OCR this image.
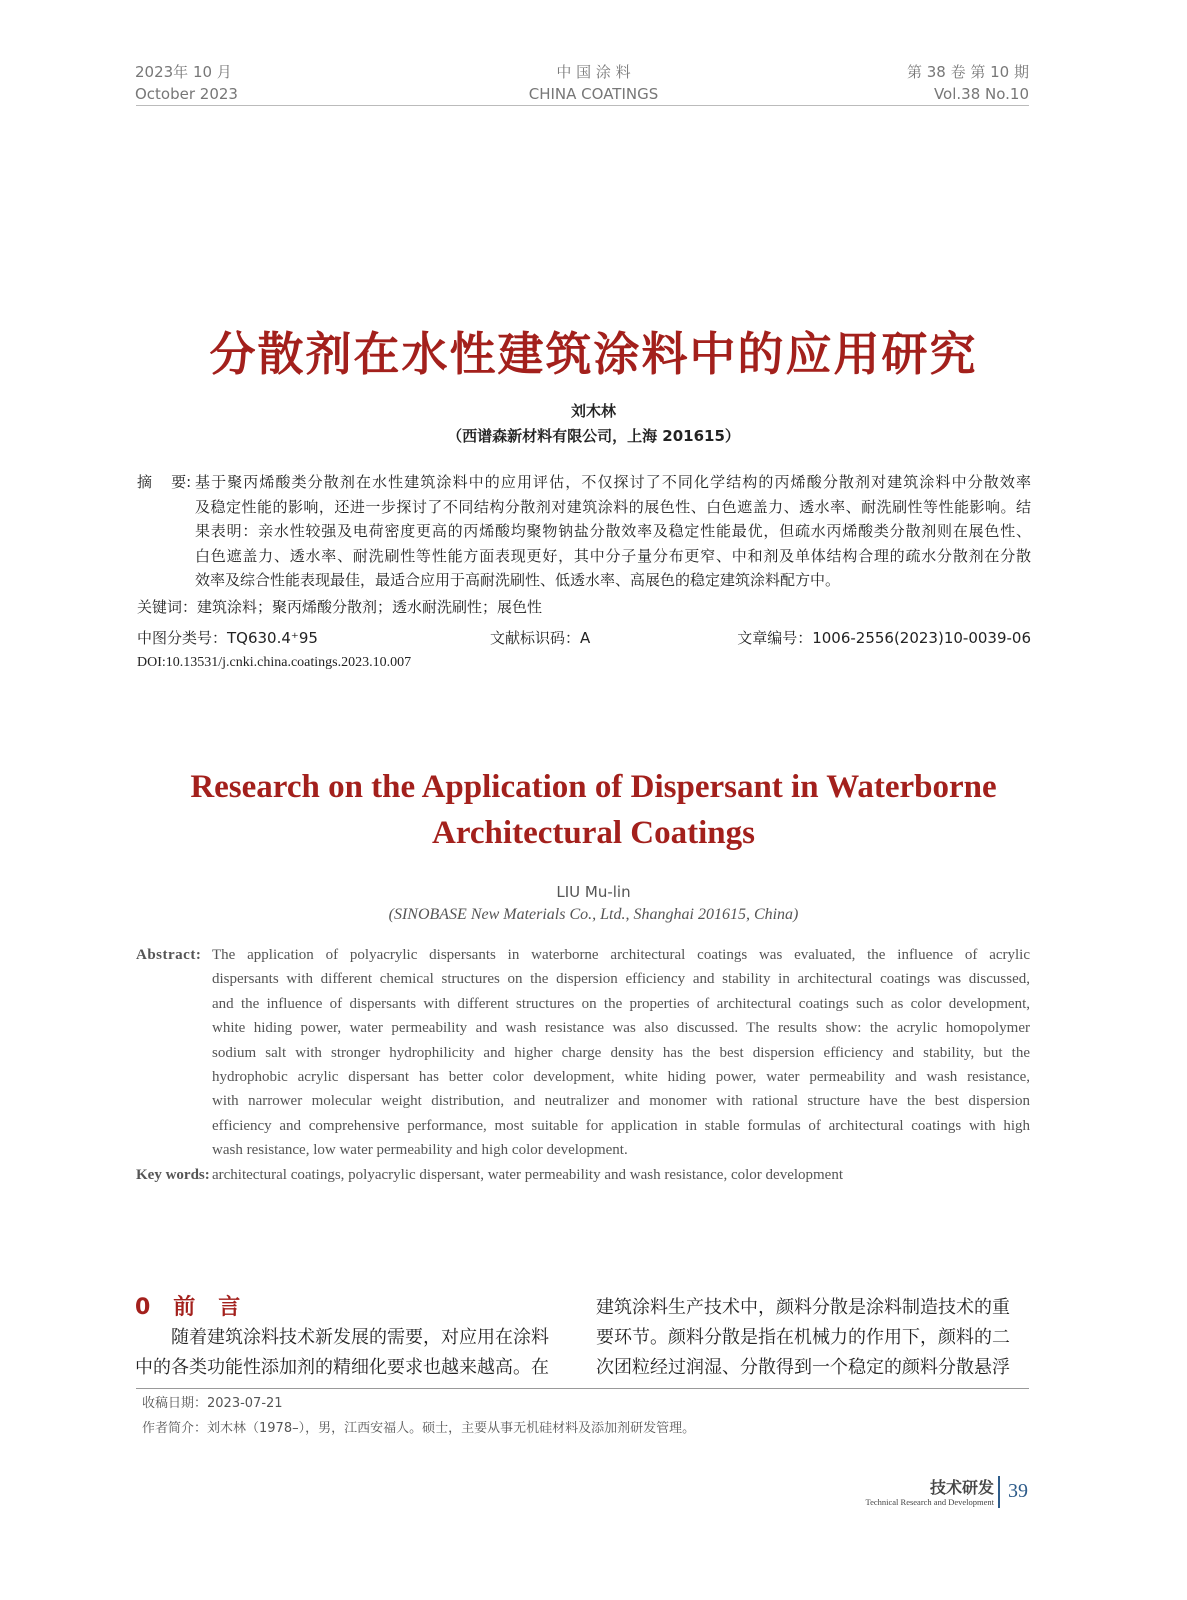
2023年 10 月
October 2023
中 国 涂 料
CHINA COATINGS
第 38 卷 第 10 期
Vol.38 No.10
分散剂在水性建筑涂料中的应用研究
刘木林
（西谱森新材料有限公司，上海 201615）
摘    要: 基于聚丙烯酸类分散剂在水性建筑涂料中的应用评估，不仅探讨了不同化学结构的丙烯酸分散剂对建筑涂料中分散效率
及稳定性能的影响，还进一步探讨了不同结构分散剂对建筑涂料的展色性、白色遮盖力、透水率、耐洗刷性等性能影响。结
果表明：亲水性较强及电荷密度更高的丙烯酸均聚物钠盐分散效率及稳定性能最优，但疏水丙烯酸类分散剂则在展色性、
白色遮盖力、透水率、耐洗刷性等性能方面表现更好，其中分子量分布更窄、中和剂及单体结构合理的疏水分散剂在分散
效率及综合性能表现最佳，最适合应用于高耐洗刷性、低透水率、高展色的稳定建筑涂料配方中。
关键词：建筑涂料；聚丙烯酸分散剂；透水耐洗刷性；展色性
中图分类号：TQ630.4⁺95	文献标识码：A	文章编号：1006-2556(2023)10-0039-06
DOI:10.13531/j.cnki.china.coatings.2023.10.007
Research on the Application of Dispersant in Waterborne
Architectural Coatings
LIU Mu-lin
(SINOBASE New Materials Co., Ltd., Shanghai 201615, China)
Abstract: The application of polyacrylic dispersants in waterborne architectural coatings was evaluated, the influence of acrylic
dispersants with different chemical structures on the dispersion efficiency and stability in architectural coatings was discussed,
and the influence of dispersants with different structures on the properties of architectural coatings such as color development,
white hiding power, water permeability and wash resistance was also discussed. The results show: the acrylic homopolymer
sodium salt with stronger hydrophilicity and higher charge density has the best dispersion efficiency and stability, but the
hydrophobic acrylic dispersant has better color development, white hiding power, water permeability and wash resistance,
with narrower molecular weight distribution, and neutralizer and monomer with rational structure have the best dispersion
efficiency and comprehensive performance, most suitable for application in stable formulas of architectural coatings with high
wash resistance, low water permeability and high color development.
Key words: architectural coatings, polyacrylic dispersant, water permeability and wash resistance, color development
0   前   言
随着建筑涂料技术新发展的需要，对应用在涂料
中的各类功能性添加剂的精细化要求也越来越高。在
建筑涂料生产技术中，颜料分散是涂料制造技术的重
要环节。颜料分散是指在机械力的作用下，颜料的二
次团粒经过润湿、分散得到一个稳定的颜料分散悬浮
收稿日期：2023-07-21
作者简介：刘木林（1978–），男，江西安福人。硕士，主要从事无机硅材料及添加剂研发管理。
技术研发
Technical Research and Development 39
